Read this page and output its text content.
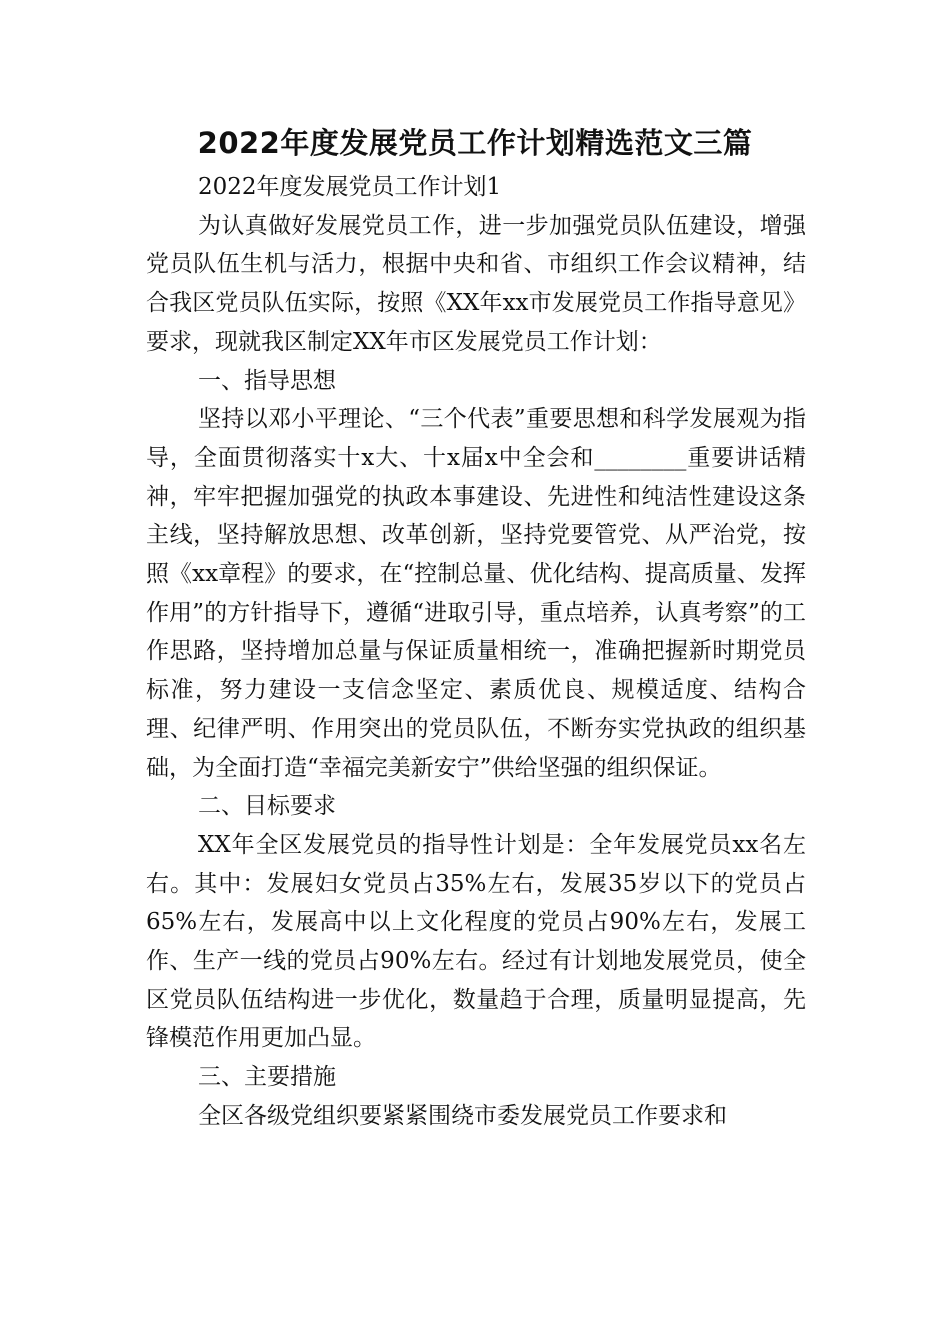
2022年度发展党员工作计划精选范文三篇

2022年度发展党员工作计划1

为认真做好发展党员工作，进一步加强党员队伍建设，增强党员队伍生机与活力，根据中央和省、市组织工作会议精神，结合我区党员队伍实际，按照《XX年xx市发展党员工作指导意见》要求，现就我区制定XX年市区发展党员工作计划：

一、指导思想

坚持以邓小平理论、“三个代表”重要思想和科学发展观为指导，全面贯彻落实十x大、十x届x中全会和________重要讲话精神，牢牢把握加强党的执政本事建设、先进性和纯洁性建设这条主线，坚持解放思想、改革创新，坚持党要管党、从严治党，按照《xx章程》的要求，在“控制总量、优化结构、提高质量、发挥作用”的方针指导下，遵循“进取引导，重点培养，认真考察”的工作思路，坚持增加总量与保证质量相统一，准确把握新时期党员标准，努力建设一支信念坚定、素质优良、规模适度、结构合理、纪律严明、作用突出的党员队伍，不断夯实党执政的组织基础，为全面打造“幸福完美新安宁”供给坚强的组织保证。

二、目标要求

XX年全区发展党员的指导性计划是：全年发展党员xx名左右。其中：发展妇女党员占35%左右，发展35岁以下的党员占65%左右，发展高中以上文化程度的党员占90%左右，发展工作、生产一线的党员占90%左右。经过有计划地发展党员，使全区党员队伍结构进一步优化，数量趋于合理，质量明显提高，先锋模范作用更加凸显。

三、主要措施

全区各级党组织要紧紧围绕市委发展党员工作要求和
